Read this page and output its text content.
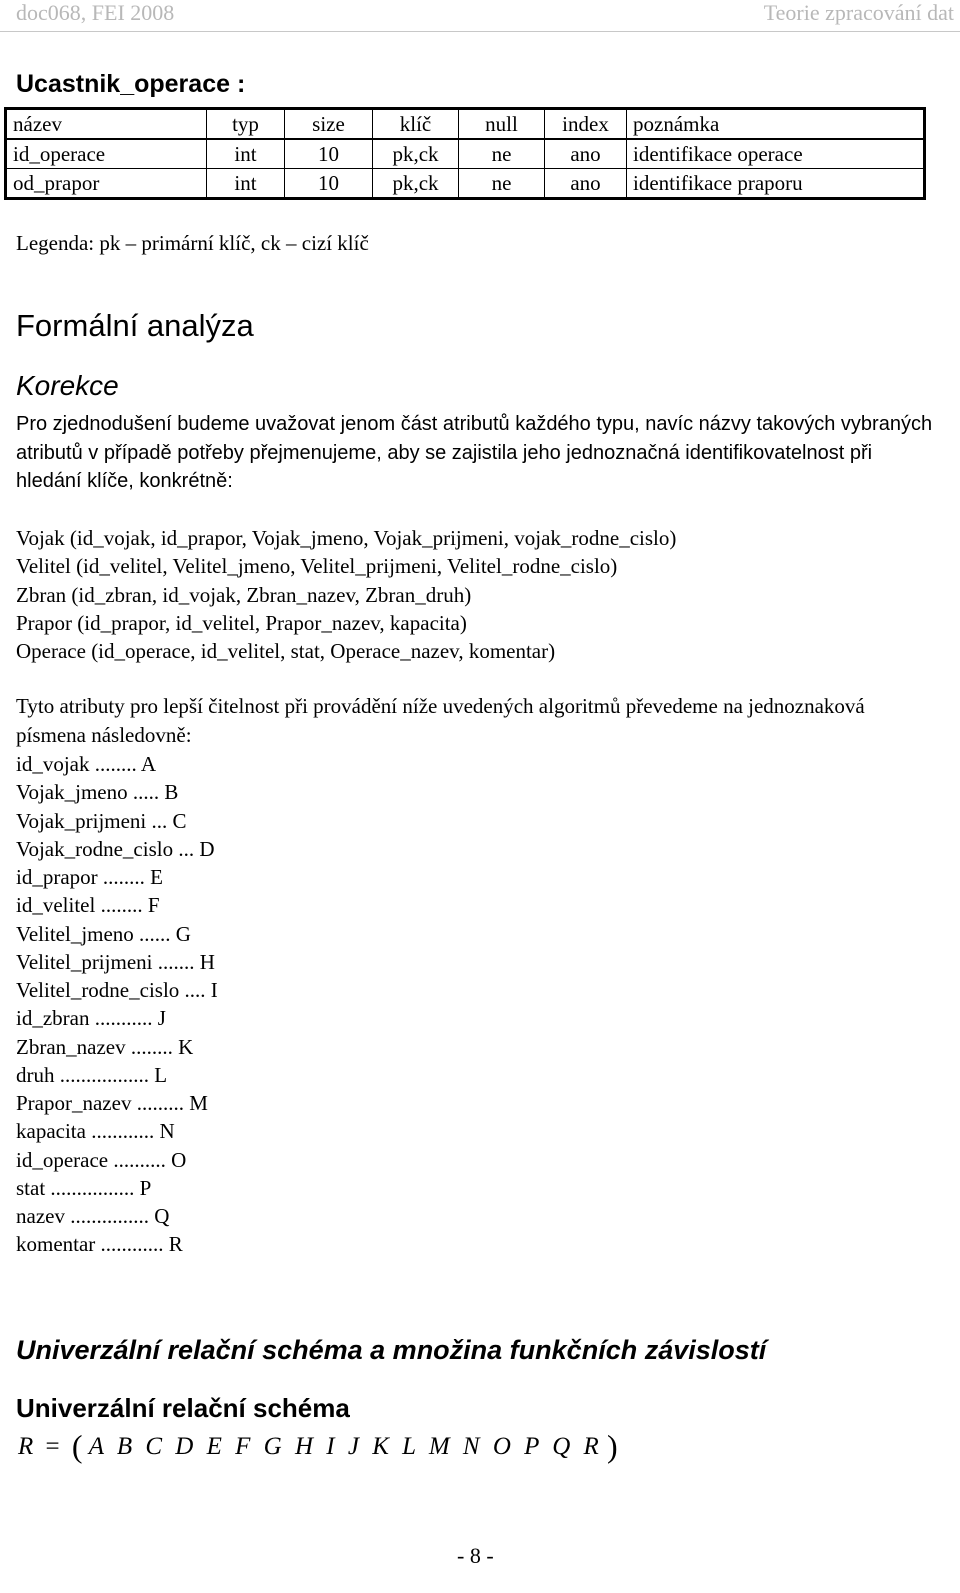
doc068, FEI 2008	Teorie zpracování dat
Ucastnik_operace :
název	typ	size	klíč	null	index	poznámka
id_operace	int	10	pk,ck	ne	ano	identifikace operace
od_prapor	int	10	pk,ck	ne	ano	identifikace praporu
Legenda: pk – primární klíč, ck – cizí klíč
Formální analýza
Korekce
Pro zjednodušení budeme uvažovat jenom část atributů každého typu, navíc názvy takových vybraných atributů v případě potřeby přejmenujeme, aby se zajistila jeho jednoznačná identifikovatelnost při hledání klíče, konkrétně:
Vojak (id_vojak, id_prapor, Vojak_jmeno, Vojak_prijmeni, vojak_rodne_cislo)
Velitel (id_velitel, Velitel_jmeno, Velitel_prijmeni, Velitel_rodne_cislo)
Zbran (id_zbran, id_vojak, Zbran_nazev, Zbran_druh)
Prapor (id_prapor, id_velitel, Prapor_nazev, kapacita)
Operace (id_operace, id_velitel, stat, Operace_nazev, komentar)
Tyto atributy pro lepší čitelnost při provádění níže uvedených algoritmů převedeme na jednoznaková písmena následovně:
id_vojak ........ A
Vojak_jmeno ..... B
Vojak_prijmeni ... C
Vojak_rodne_cislo ... D
id_prapor ........ E
id_velitel ........ F
Velitel_jmeno ...... G
Velitel_prijmeni ....... H
Velitel_rodne_cislo .... I
id_zbran ........... J
Zbran_nazev ........ K
druh ................. L
Prapor_nazev ......... M
kapacita ............ N
id_operace .......... O
stat ................ P
nazev ............... Q
komentar ............ R
Univerzální relační schéma a množina funkčních závislostí
Univerzální relační schéma
R = ( A B C D E F G H I J K L M N O P Q R )
- 8 -
